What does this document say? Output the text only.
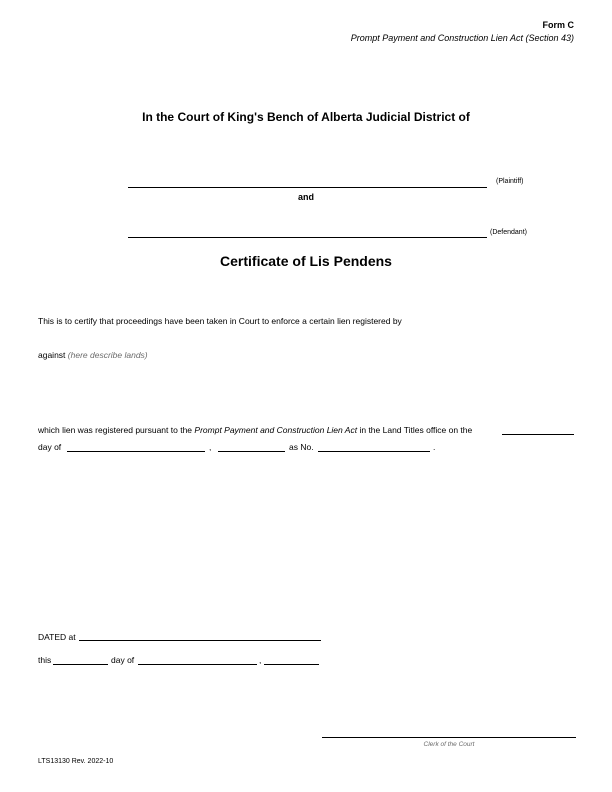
Form C
Prompt Payment and Construction Lien Act (Section 43)
In the Court of King's Bench of Alberta Judicial District of
(Plaintiff)
and
(Defendant)
Certificate of Lis Pendens
This is to certify that proceedings have been taken in Court to enforce a certain lien registered by
against (here describe lands)
which lien was registered pursuant to the Prompt Payment and Construction Lien Act in the Land Titles office on the
day of	,	as No.	.
DATED at
this	day of	,
Clerk of the Court
LTS13130 Rev. 2022-10
